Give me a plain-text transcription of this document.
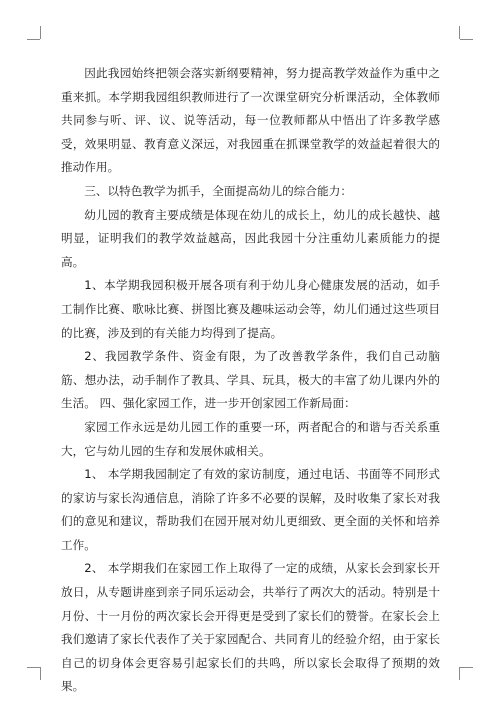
因此我园始终把领会落实新纲要精神，努力提高教学效益作为重中之重来抓。本学期我园组织教师进行了一次课堂研究分析课活动，全体教师共同参与听、评、议、说等活动，每一位教师都从中悟出了许多教学感受，效果明显、教育意义深远，对我园重在抓课堂教学的效益起着很大的推动作用。

三、以特色教学为抓手，全面提高幼儿的综合能力：

幼儿园的教育主要成绩是体现在幼儿的成长上，幼儿的成长越快、越明显，证明我们的教学效益越高，因此我园十分注重幼儿素质能力的提高。

1、本学期我园积极开展各项有利于幼儿身心健康发展的活动，如手工制作比赛、歌咏比赛、拼图比赛及趣味运动会等，幼儿们通过这些项目的比赛，涉及到的有关能力均得到了提高。

2、我园教学条件、资金有限，为了改善教学条件，我们自己动脑筋、想办法，动手制作了教具、学具、玩具，极大的丰富了幼儿课内外的生活。 四、强化家园工作，进一步开创家园工作新局面：

家园工作永远是幼儿园工作的重要一环，两者配合的和谐与否关系重大，它与幼儿园的生存和发展休戚相关。

1、 本学期我园制定了有效的家访制度，通过电话、书面等不同形式的家访与家长沟通信息，消除了许多不必要的误解，及时收集了家长对我们的意见和建议，帮助我们在园开展对幼儿更细致、更全面的关怀和培养工作。

2、 本学期我们在家园工作上取得了一定的成绩，从家长会到家长开放日，从专题讲座到亲子同乐运动会，共举行了两次大的活动。特别是十月份、十一月份的两次家长会开得更是受到了家长们的赞誉。在家长会上我们邀请了家长代表作了关于家园配合、共同育儿的经验介绍，由于家长自己的切身体会更容易引起家长们的共鸣，所以家长会取得了预期的效果。
